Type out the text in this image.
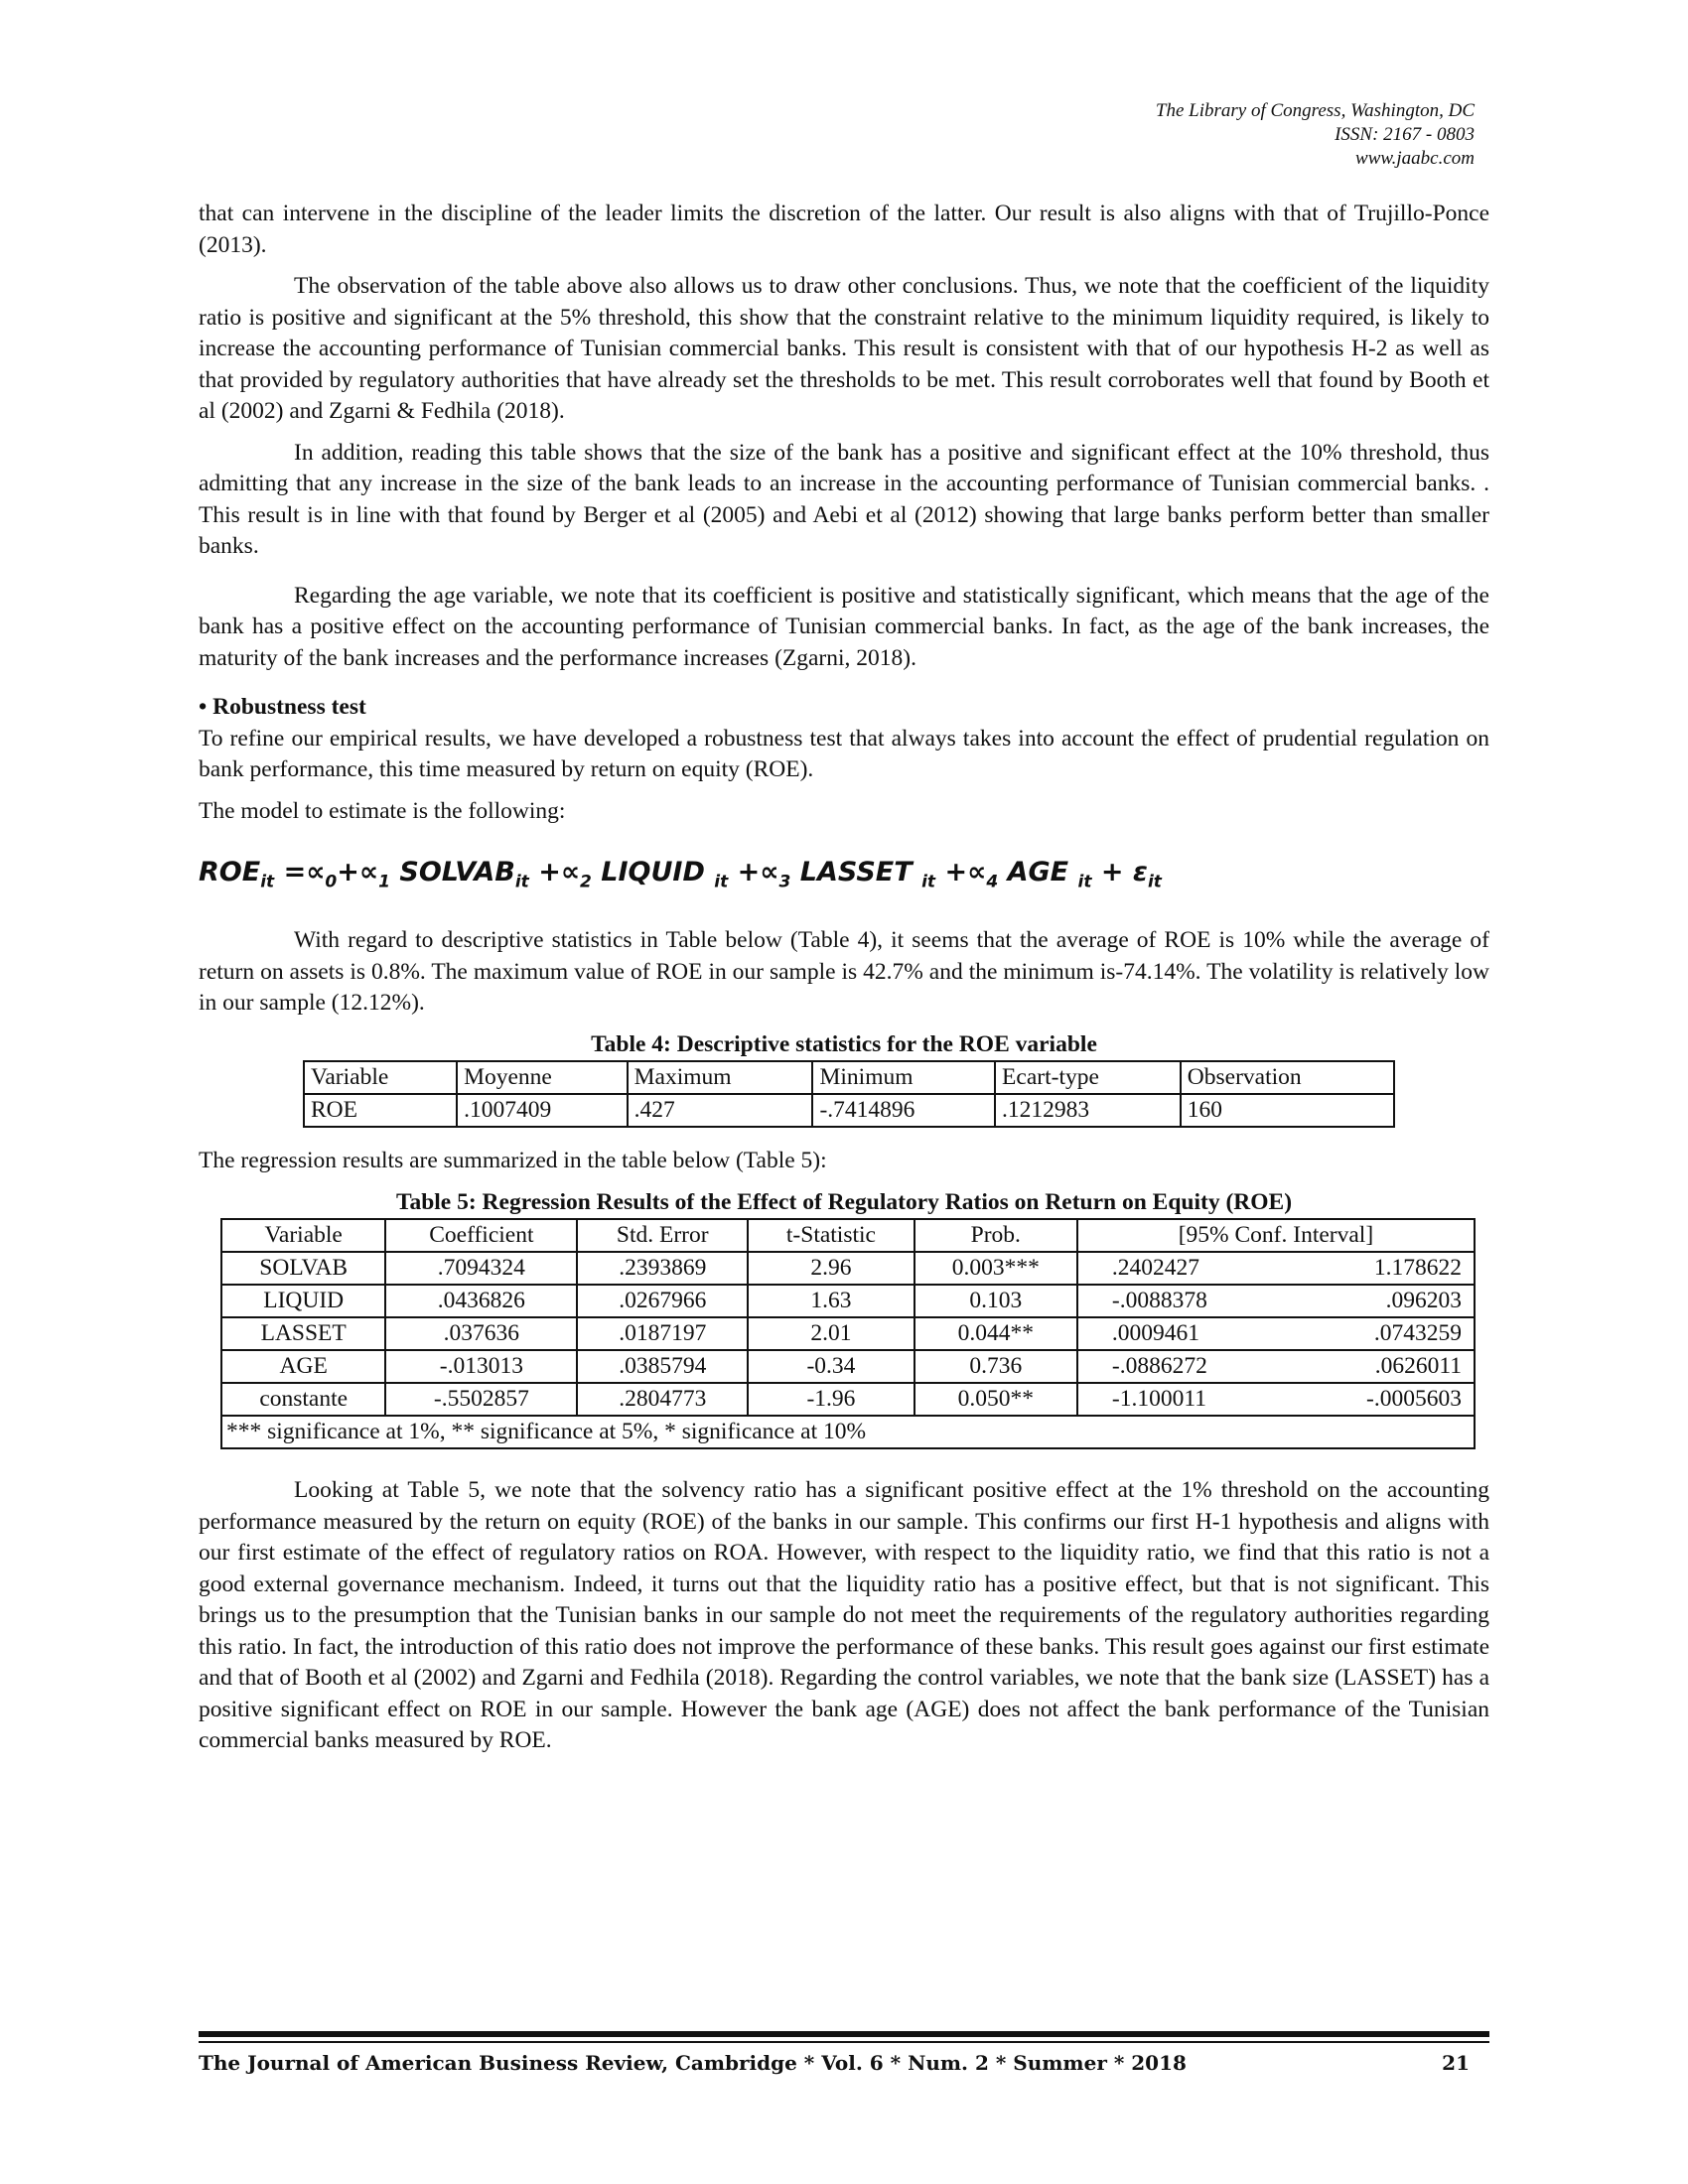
The Library of Congress, Washington, DC
ISSN: 2167 - 0803
www.jaabc.com

that can intervene in the discipline of the leader limits the discretion of the latter. Our result is also aligns with that of Trujillo-Ponce (2013).

The observation of the table above also allows us to draw other conclusions. Thus, we note that the coefficient of the liquidity ratio is positive and significant at the 5% threshold, this show that the constraint relative to the minimum liquidity required, is likely to increase the accounting performance of Tunisian commercial banks. This result is consistent with that of our hypothesis H-2 as well as that provided by regulatory authorities that have already set the thresholds to be met. This result corroborates well that found by Booth et al (2002) and Zgarni & Fedhila (2018).

In addition, reading this table shows that the size of the bank has a positive and significant effect at the 10% threshold, thus admitting that any increase in the size of the bank leads to an increase in the accounting performance of Tunisian commercial banks. . This result is in line with that found by Berger et al (2005) and Aebi et al (2012) showing that large banks perform better than smaller banks.

Regarding the age variable, we note that its coefficient is positive and statistically significant, which means that the age of the bank has a positive effect on the accounting performance of Tunisian commercial banks. In fact, as the age of the bank increases, the maturity of the bank increases and the performance increases (Zgarni, 2018).

• Robustness test

To refine our empirical results, we have developed a robustness test that always takes into account the effect of prudential regulation on bank performance, this time measured by return on equity (ROE).

The model to estimate is the following:

$ROE_{it} =\propto_0+\propto_1$ $SOLVAB_{it} +\propto_2$ LIQUID $_{it} +\propto_3$ LASSET $_{it} +\propto_4$ AGE $_{it} + \varepsilon_{it}$

With regard to descriptive statistics in Table below (Table 4), it seems that the average of ROE is 10% while the average of return on assets is 0.8%. The maximum value of ROE in our sample is 42.7% and the minimum is-74.14%. The volatility is relatively low in our sample (12.12%).

Table 4: Descriptive statistics for the ROE variable
Variable	Moyenne	Maximum	Minimum	Ecart-type	Observation
ROE	.1007409	.427	-.7414896	.1212983	160

The regression results are summarized in the table below (Table 5):

Table 5: Regression Results of the Effect of Regulatory Ratios on Return on Equity (ROE)
Variable	Coefficient	Std. Error	t-Statistic	Prob.	[95% Conf. Interval]
SOLVAB	.7094324	.2393869	2.96	0.003***	.2402427 1.178622

LIQUID	.0436826	.0267966	1.63	0.103	-.0088378 .096203

LASSET	.037636	.0187197	2.01	0.044**	.0009461 .0743259

AGE	-.013013	.0385794	-0.34	0.736	-.0886272 .0626011

constante	-.5502857	.2804773	-1.96	0.050**	-1.100011 -.0005603

*** significance at 1%, ** significance at 5%, * significance at 10%					

Looking at Table 5, we note that the solvency ratio has a significant positive effect at the 1% threshold on the accounting performance measured by the return on equity (ROE) of the banks in our sample. This confirms our first H-1 hypothesis and aligns with our first estimate of the effect of regulatory ratios on ROA. However, with respect to the liquidity ratio, we find that this ratio is not a good external governance mechanism. Indeed, it turns out that the liquidity ratio has a positive effect, but that is not significant. This brings us to the presumption that the Tunisian banks in our sample do not meet the requirements of the regulatory authorities regarding this ratio. In fact, the introduction of this ratio does not improve the performance of these banks. This result goes against our first estimate and that of Booth et al (2002) and Zgarni and Fedhila (2018). Regarding the control variables, we note that the bank size (LASSET) has a positive significant effect on ROE in our sample. However the bank age (AGE) does not affect the bank performance of the Tunisian commercial banks measured by ROE.

The Journal of American Business Review, Cambridge * Vol. 6 * Num. 2 * Summer * 2018	21
